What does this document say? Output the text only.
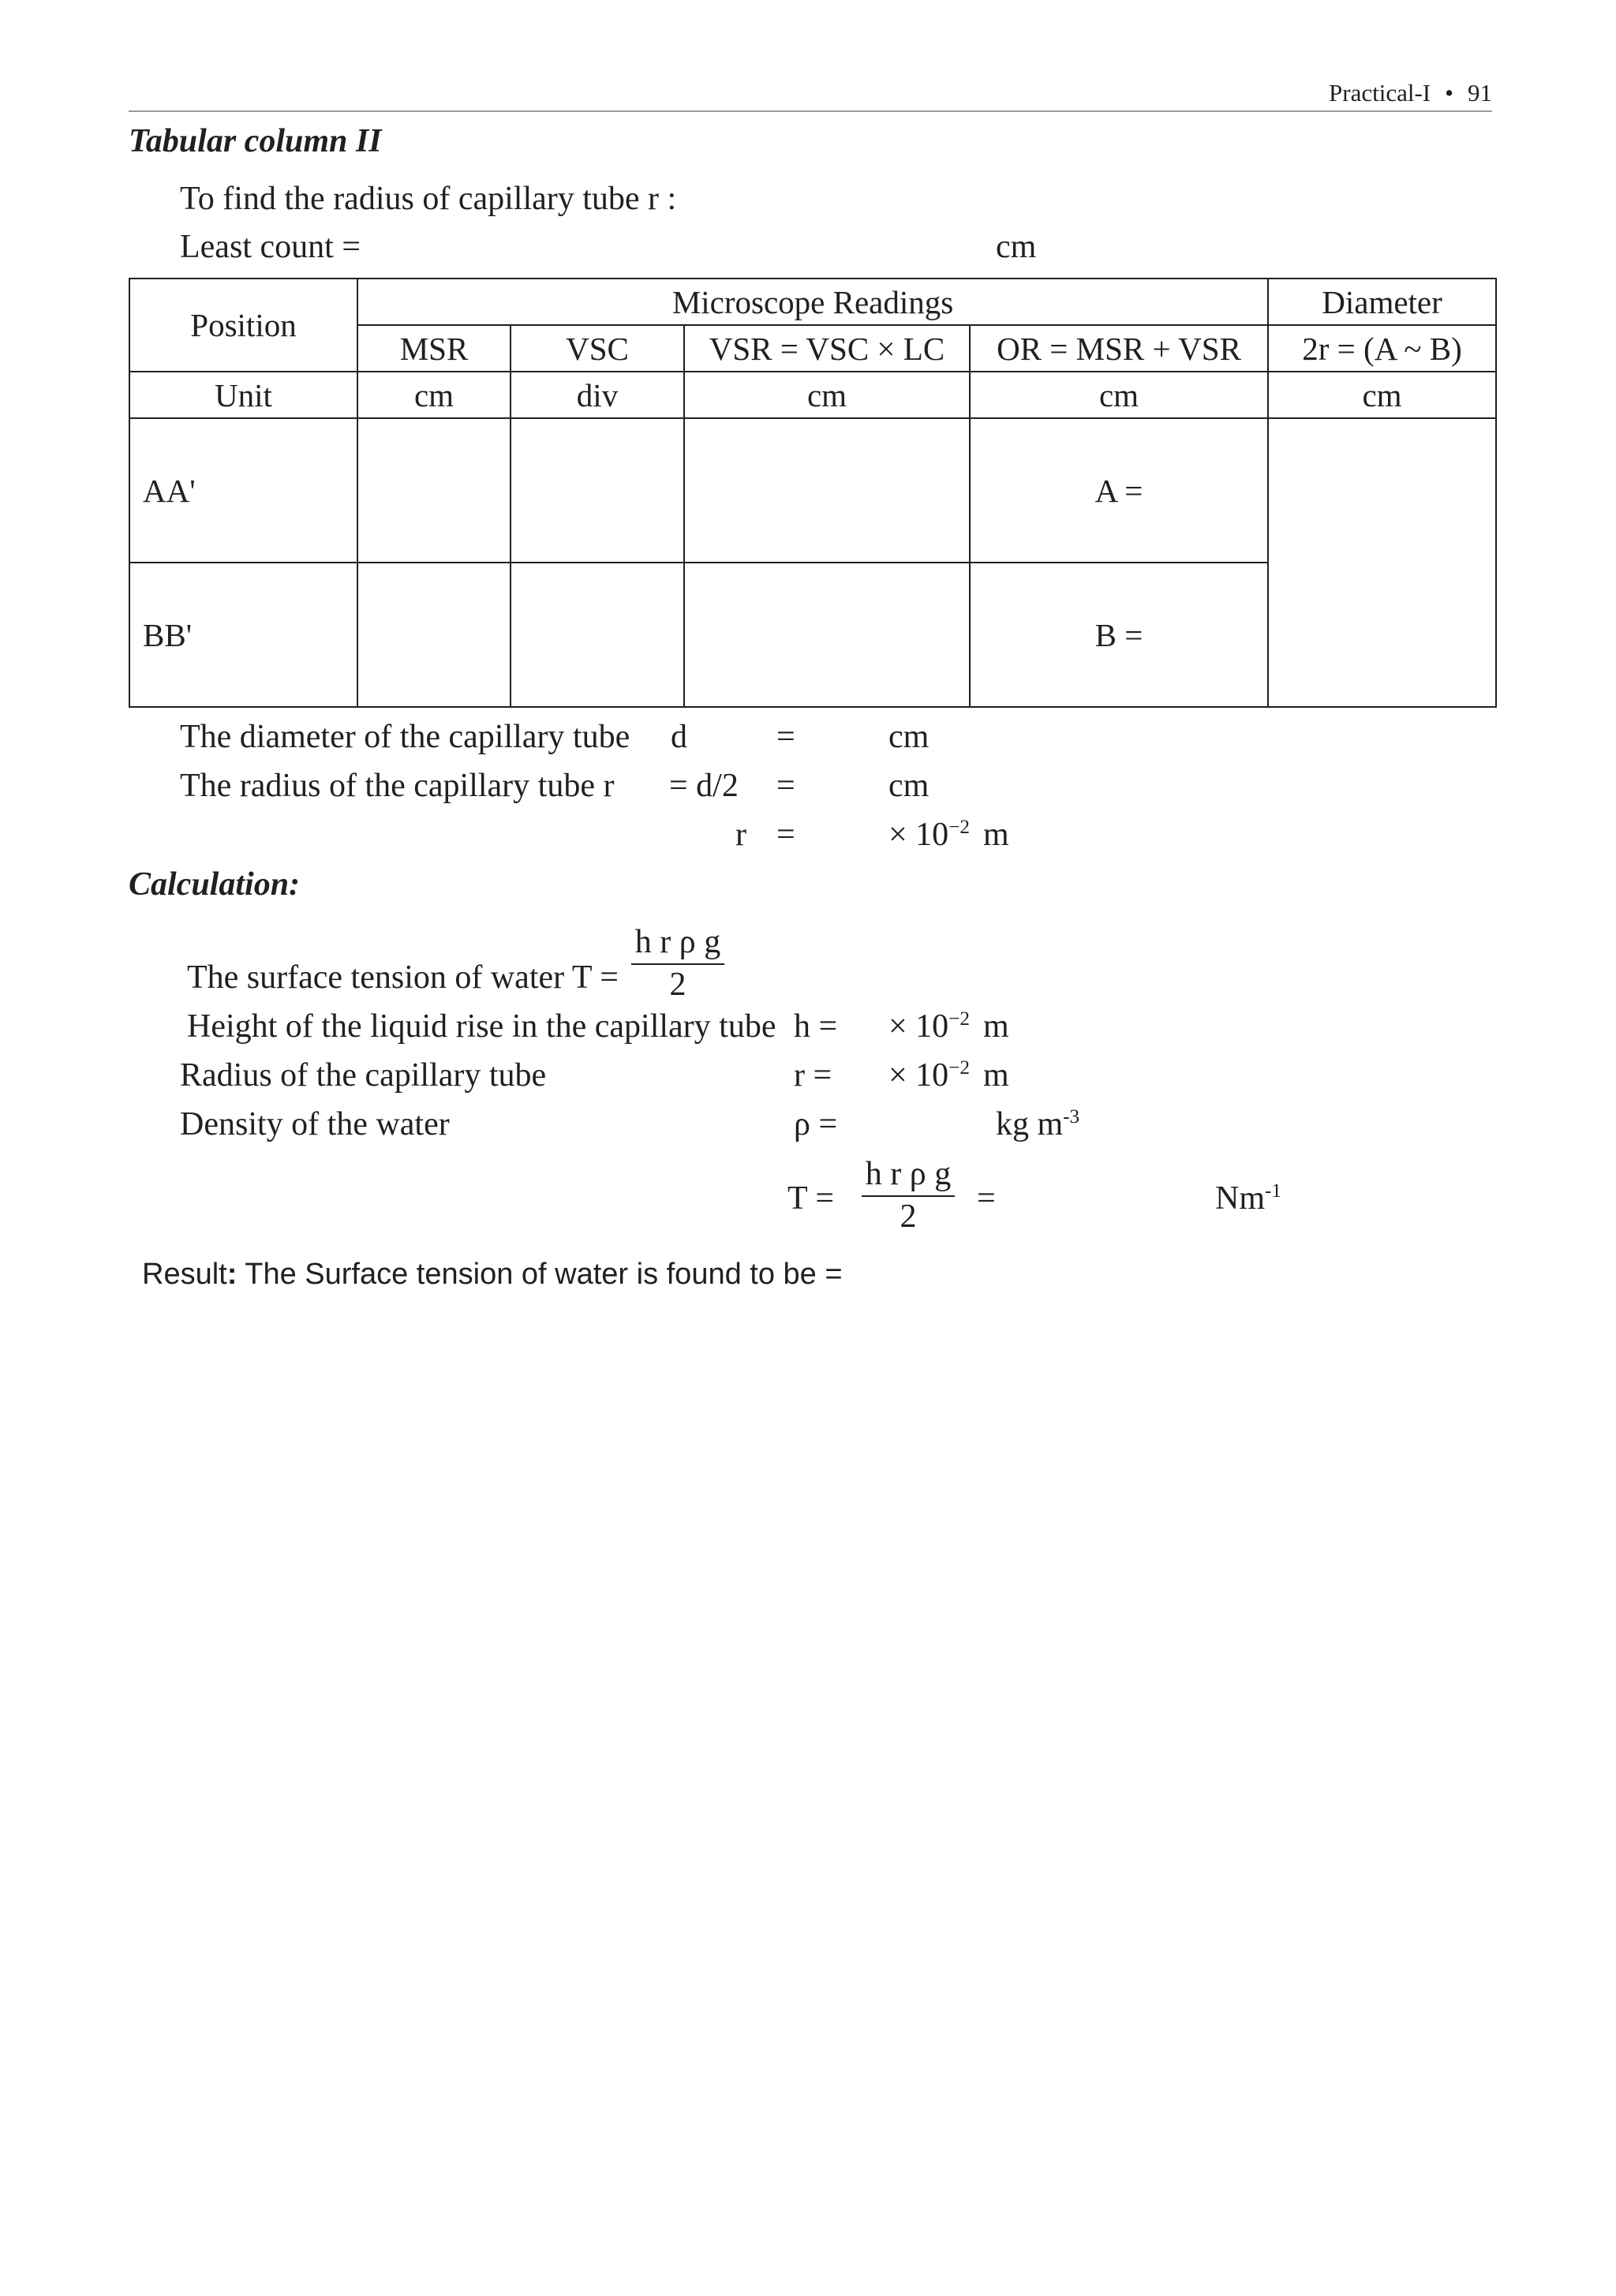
Practical-I • 91
Tabular column II
To find the radius of capillary tube r :
Least count =	cm
Position	Microscope Readings				Diameter
	MSR	VSC	VSR = VSC × LC	OR = MSR + VSR	2r = (A ~ B)
Unit	cm	div	cm	cm	cm
AA'				A =	
BB'				B =	
The diameter of the capillary tube d	=	cm
The radius of the capillary tube r = d/2 =	cm
r =	× $10^{-2}$ m
Calculation:
The surface tension of water $T = \frac{\text{h r ρ g}}{2}$
Height of the liquid rise in the capillary tube h = × $10^{-2}$ m
Radius of the capillary tube	r = × $10^{-2}$ m
Density of the water	ρ =	kg $m^{-3}$
$T = \frac{\text{h r ρ g}}{2}$ =	$Nm^{-1}$
Result: The Surface tension of water is found to be =
